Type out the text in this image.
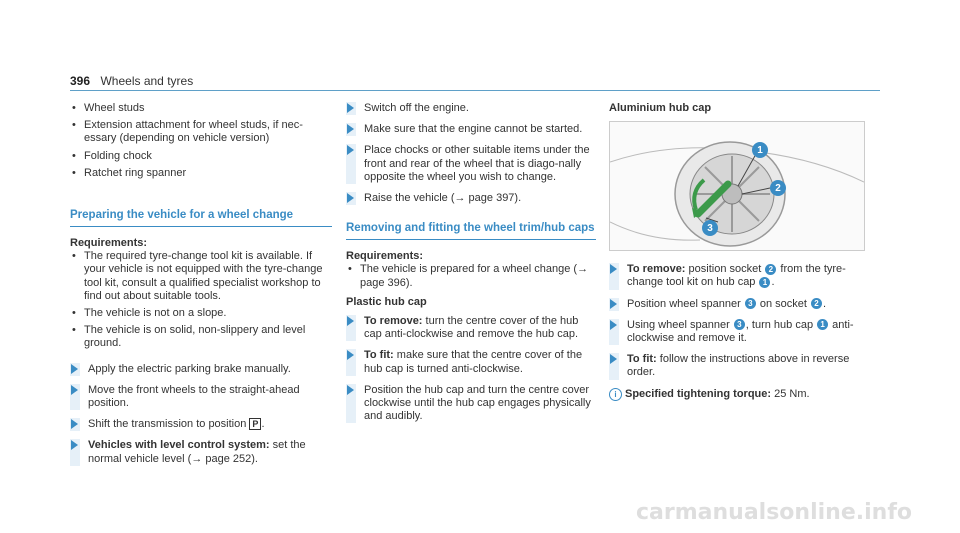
396 Wheels and tyres
• Wheel studs
• Extension attachment for wheel studs, if nec-essary (depending on vehicle version)
• Folding chock
• Ratchet ring spanner
Preparing the vehicle for a wheel change

Requirements:

• The required tyre-change tool kit is available. If your vehicle is not equipped with the tyre-change tool kit, consult a qualified specialist workshop to find out about suitable tools.
• The vehicle is not on a slope.
• The vehicle is on solid, non-slippery and level ground.
Apply the electric parking brake manually.
Move the front wheels to the straight-ahead position.
Shift the transmission to position P .
Vehicles with level control system: set the normal vehicle level (→ page 252).
Switch off the engine.
Make sure that the engine cannot be started.
Place chocks or other suitable items under the front and rear of the wheel that is diago-nally opposite the wheel you wish to change.
Raise the vehicle (→ page 397).
Removing and fitting the wheel trim/hub caps

Requirements:

• The vehicle is prepared for a wheel change (→ page 396).

Plastic hub cap

To remove: turn the centre cover of the hub cap anti-clockwise and remove the hub cap.
To fit: make sure that the centre cover of the hub cap is turned anti-clockwise.
Position the hub cap and turn the centre cover clockwise until the hub cap engages physically and audibly.

Aluminium hub cap

1
2
3
To remove: position socket 2 from the tyre-change tool kit on hub cap 1 .
Position wheel spanner 3 on socket 2 .
Using wheel spanner 3 , turn hub cap 1 anti-clockwise and remove it.
To fit: follow the instructions above in reverse order.
i Specified tightening torque: 25 Nm.
carmanualsonline.info
